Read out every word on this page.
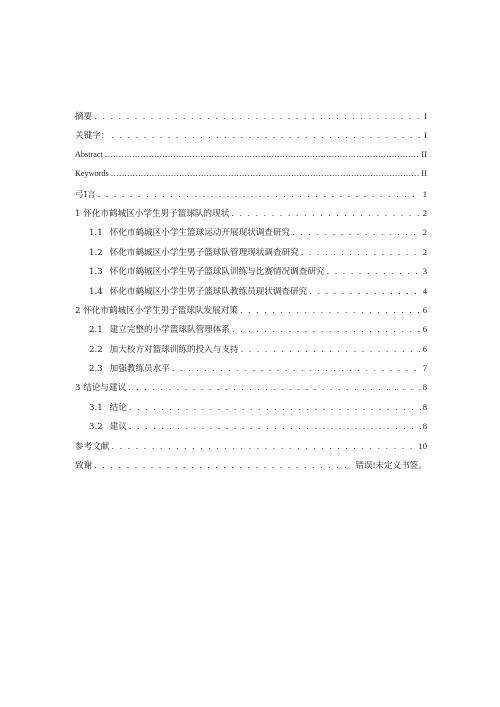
摘要 . . .	I
关键字： . . .	I
Abstract .....	II
Keywords .....	II
弓I言 . . .	1
1 怀化市鹤城区小学生男子篮球队的现状 . . .	2
1.1 怀化市鹤城区小学生篮球运动开展现状调查研究 . . .	2
1.2 怀化市鹤城区小学生男子篮球队管理现状调查研究 . . .	2
1.3 怀化市鹤城区小学生男子篮球队训练与比赛情况调查研究 . . .	3
1.4 怀化市鹤城区小学生男子篮球队教练员现状调查研究 . . .	4
2 怀化市鹤城区小学生男子篮球队发展对策 . . .	6
2.1 建立完整的小学篮球队管理体系 . . .	6
2.2 加大校方对篮球训练的投入与支持 . . .	6
2.3 加强教练员水平 . . .	7
3 结论与建议 . . .	8
3.1 结论 . . .	8
3.2 建议 . . .	8
参考文献 . . .	10
致谢 . . .	错误!未定义书签。
